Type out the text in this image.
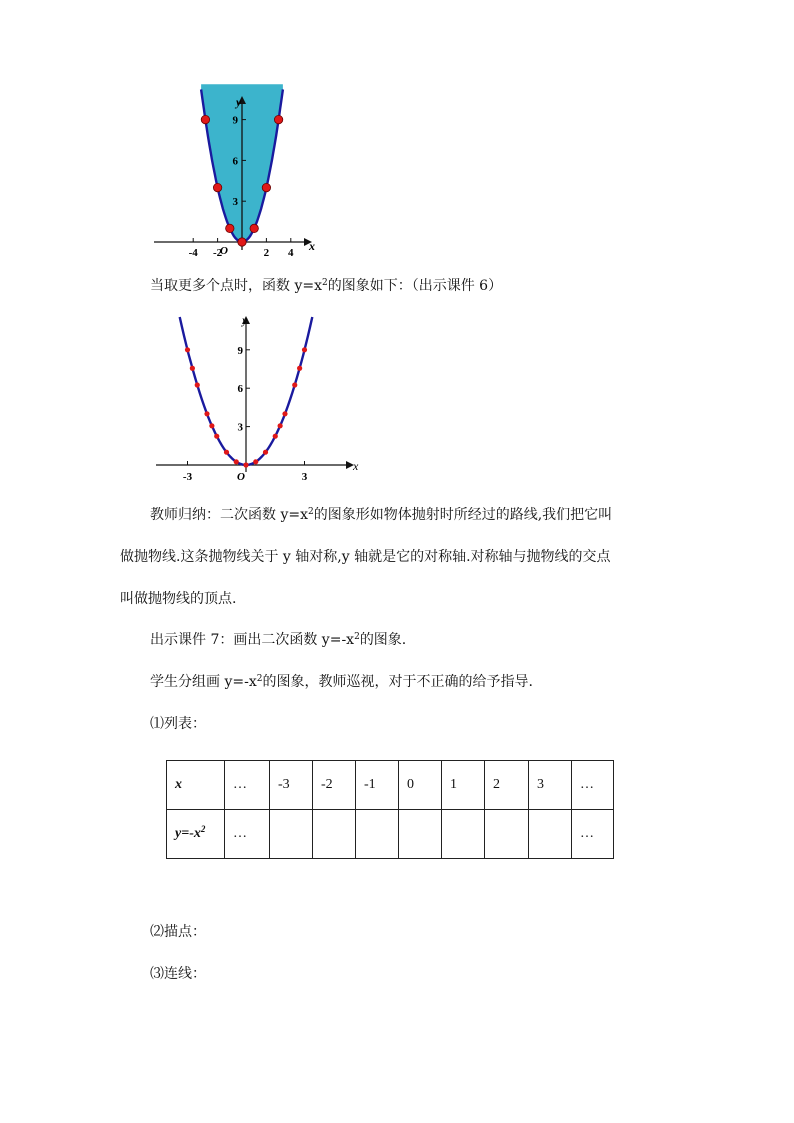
-4 -2	2 4
3
6
9
x
y
O
当取更多个点时，函数 $y=x^2$的图象如下：（出示课件 6）
-3	3
3
6
9
x
y
O
教师归纳：二次函数 $y=x^2$的图象形如物体抛射时所经过的路线,我们把它叫
做抛物线.这条抛物线关于 y 轴对称,y 轴就是它的对称轴.对称轴与抛物线的交点
叫做抛物线的顶点.
出示课件 7：画出二次函数 $y=-x^2$的图象.
学生分组画 $y=-x^2$的图象，教师巡视，对于不正确的给予指导.
⑴列表：
x	…	-3	-2	-1	0	1	2	3	…
$y=-x^2$	…								…
⑵描点：
⑶连线：
